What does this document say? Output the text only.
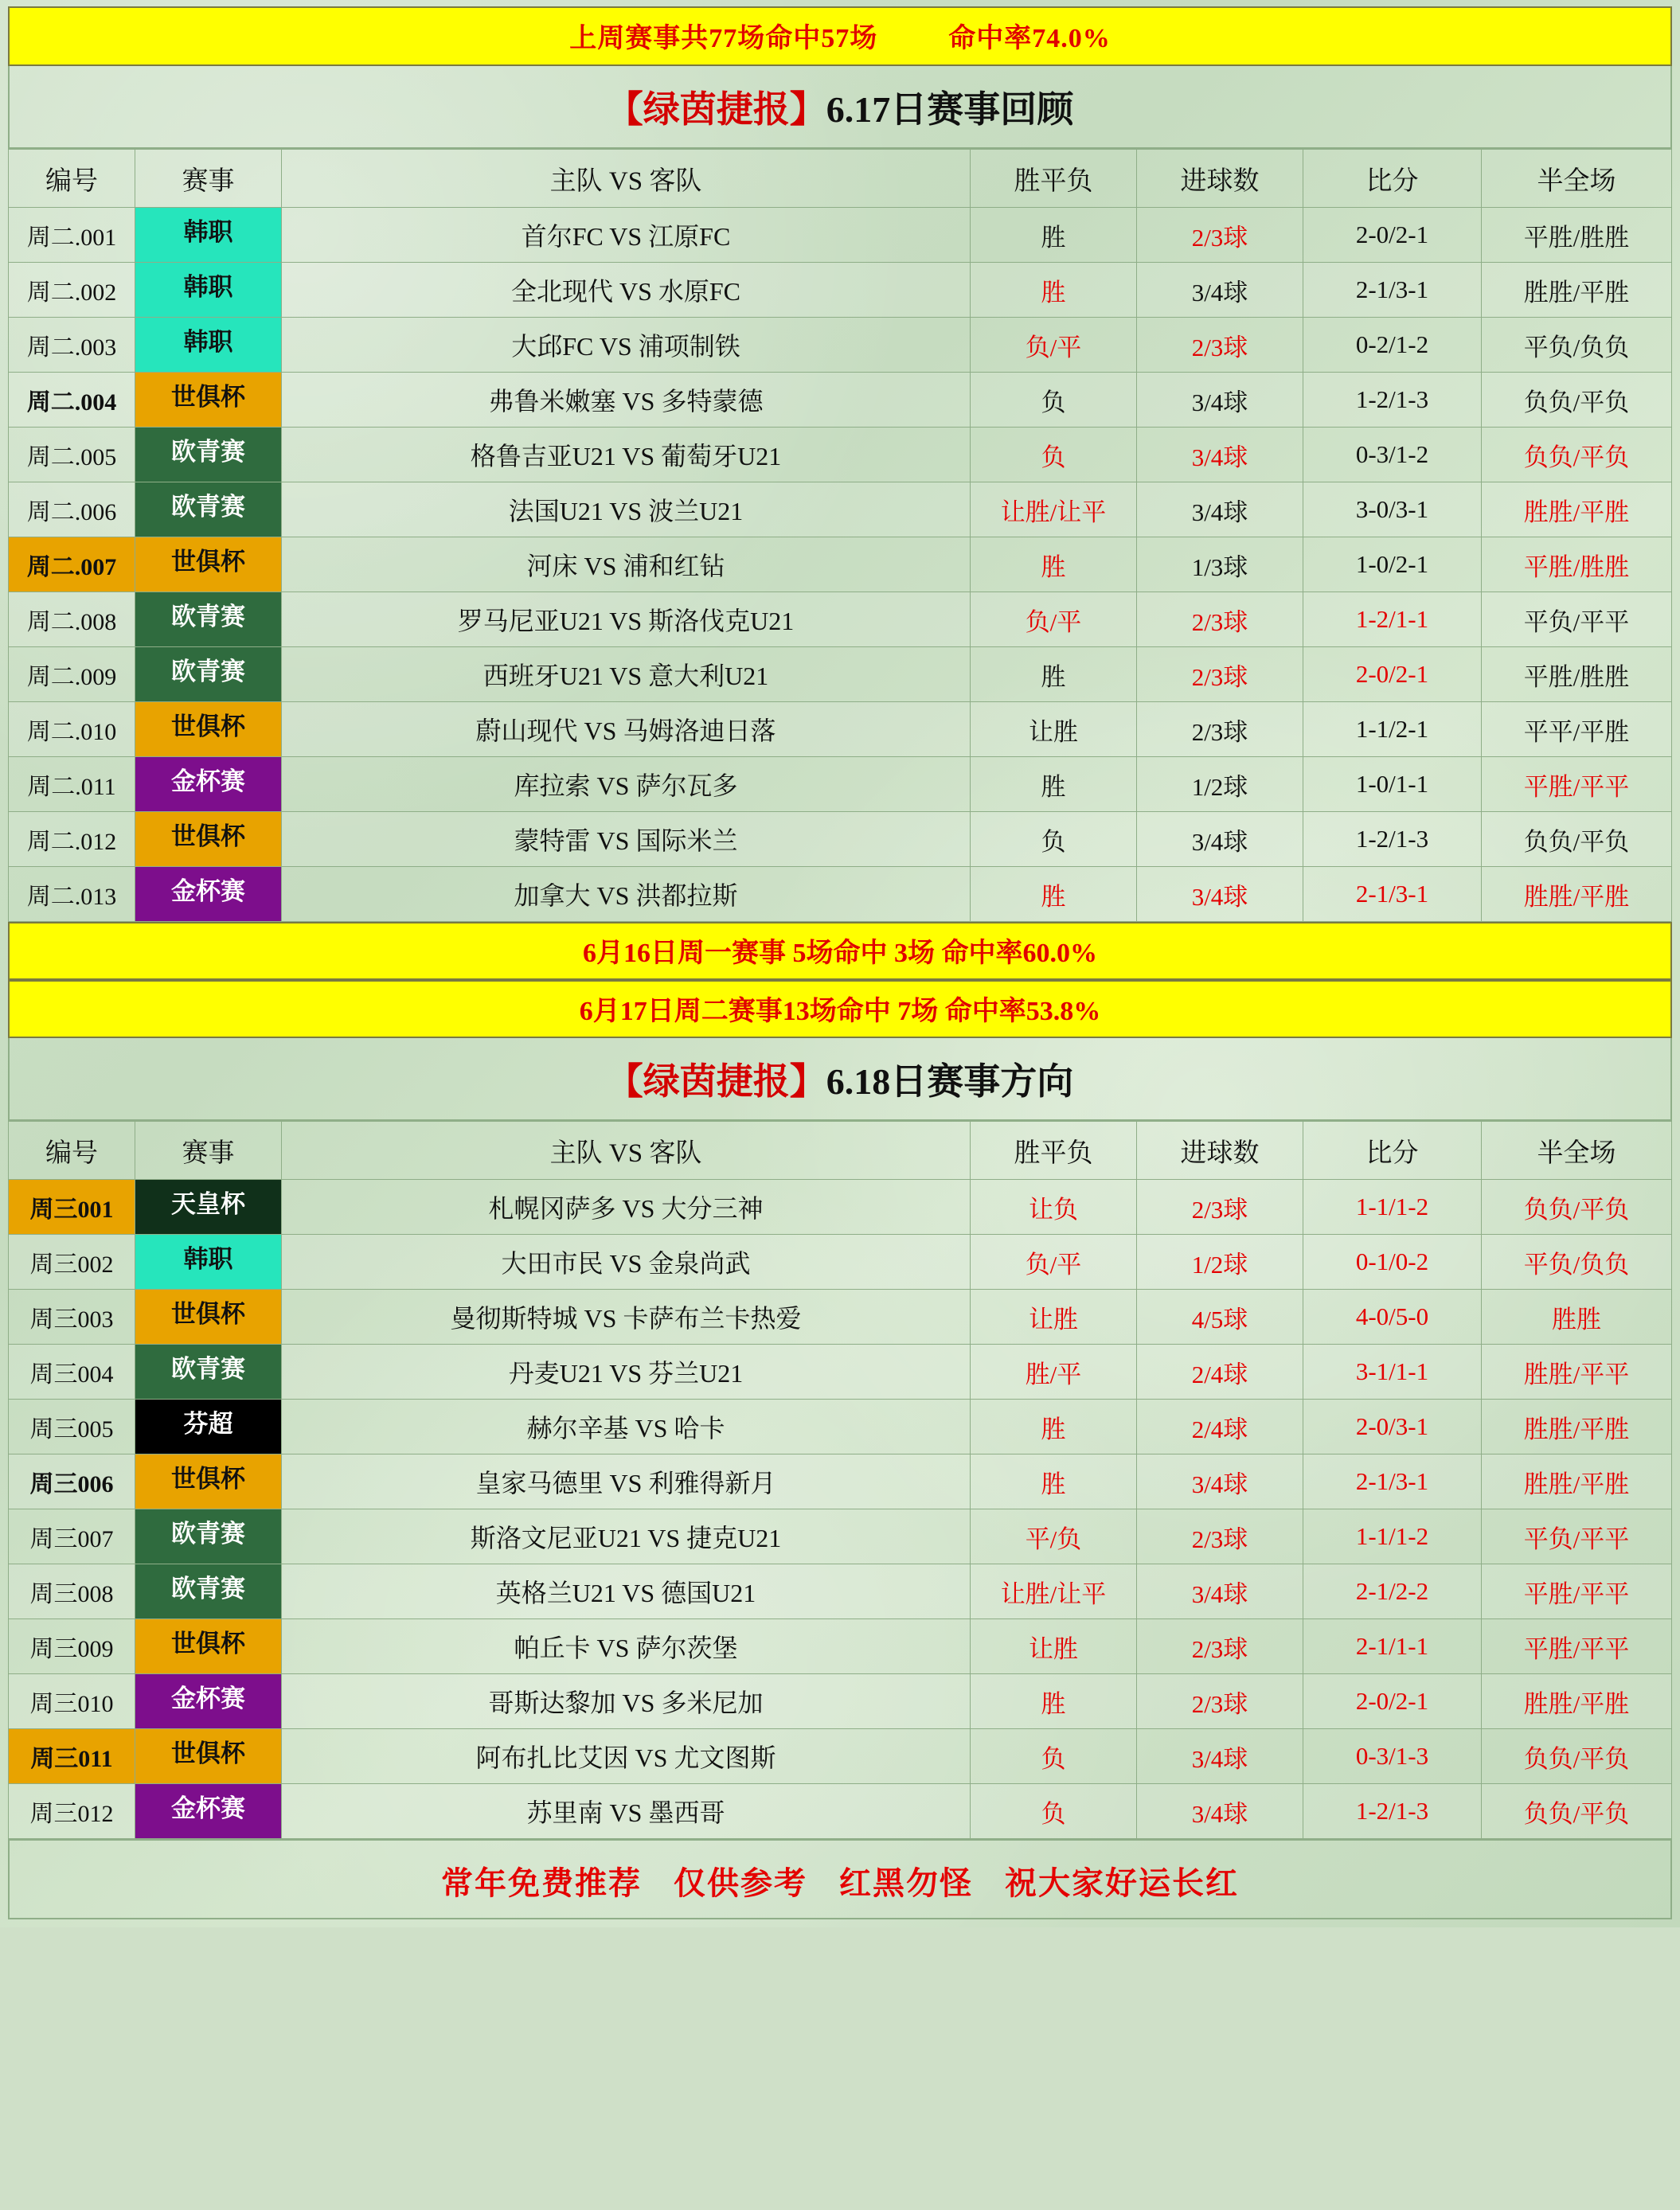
上周赛事共77场命中57场	命中率74.0%
【绿茵捷报】6.17日赛事回顾
编号	赛事	主队 VS 客队	胜平负	进球数	比分	半全场
周二.001	韩职	首尔FC VS 江原FC	胜	2/3球	2-0/2-1	平胜/胜胜
周二.002	韩职	全北现代 VS 水原FC	胜	3/4球	2-1/3-1	胜胜/平胜
周二.003	韩职	大邱FC VS 浦项制铁	负/平	2/3球	0-2/1-2	平负/负负
周二.004	世俱杯	弗鲁米嫩塞 VS 多特蒙德	负	3/4球	1-2/1-3	负负/平负
周二.005	欧青赛	格鲁吉亚U21 VS 葡萄牙U21	负	3/4球	0-3/1-2	负负/平负
周二.006	欧青赛	法国U21 VS 波兰U21	让胜/让平	3/4球	3-0/3-1	胜胜/平胜
周二.007	世俱杯	河床 VS 浦和红钻	胜	1/3球	1-0/2-1	平胜/胜胜
周二.008	欧青赛	罗马尼亚U21 VS 斯洛伐克U21	负/平	2/3球	1-2/1-1	平负/平平
周二.009	欧青赛	西班牙U21 VS 意大利U21	胜	2/3球	2-0/2-1	平胜/胜胜
周二.010	世俱杯	蔚山现代 VS 马姆洛迪日落	让胜	2/3球	1-1/2-1	平平/平胜
周二.011	金杯赛	库拉索 VS 萨尔瓦多	胜	1/2球	1-0/1-1	平胜/平平
周二.012	世俱杯	蒙特雷 VS 国际米兰	负	3/4球	1-2/1-3	负负/平负
周二.013	金杯赛	加拿大 VS 洪都拉斯	胜	3/4球	2-1/3-1	胜胜/平胜
6月16日周一赛事 5场命中 3场 命中率60.0%
6月17日周二赛事13场命中 7场 命中率53.8%
【绿茵捷报】6.18日赛事方向
编号	赛事	主队 VS 客队	胜平负	进球数	比分	半全场
周三001	天皇杯	札幌冈萨多 VS 大分三神	让负	2/3球	1-1/1-2	负负/平负
周三002	韩职	大田市民 VS 金泉尚武	负/平	1/2球	0-1/0-2	平负/负负
周三003	世俱杯	曼彻斯特城 VS 卡萨布兰卡热爱	让胜	4/5球	4-0/5-0	胜胜
周三004	欧青赛	丹麦U21 VS 芬兰U21	胜/平	2/4球	3-1/1-1	胜胜/平平
周三005	芬超	赫尔辛基 VS 哈卡	胜	2/4球	2-0/3-1	胜胜/平胜
周三006	世俱杯	皇家马德里 VS 利雅得新月	胜	3/4球	2-1/3-1	胜胜/平胜
周三007	欧青赛	斯洛文尼亚U21 VS 捷克U21	平/负	2/3球	1-1/1-2	平负/平平
周三008	欧青赛	英格兰U21 VS 德国U21	让胜/让平	3/4球	2-1/2-2	平胜/平平
周三009	世俱杯	帕丘卡 VS 萨尔茨堡	让胜	2/3球	2-1/1-1	平胜/平平
周三010	金杯赛	哥斯达黎加 VS 多米尼加	胜	2/3球	2-0/2-1	胜胜/平胜
周三011	世俱杯	阿布扎比艾因 VS 尤文图斯	负	3/4球	0-3/1-3	负负/平负
周三012	金杯赛	苏里南 VS 墨西哥	负	3/4球	1-2/1-3	负负/平负
常年免费推荐 仅供参考 红黑勿怪 祝大家好运长红
